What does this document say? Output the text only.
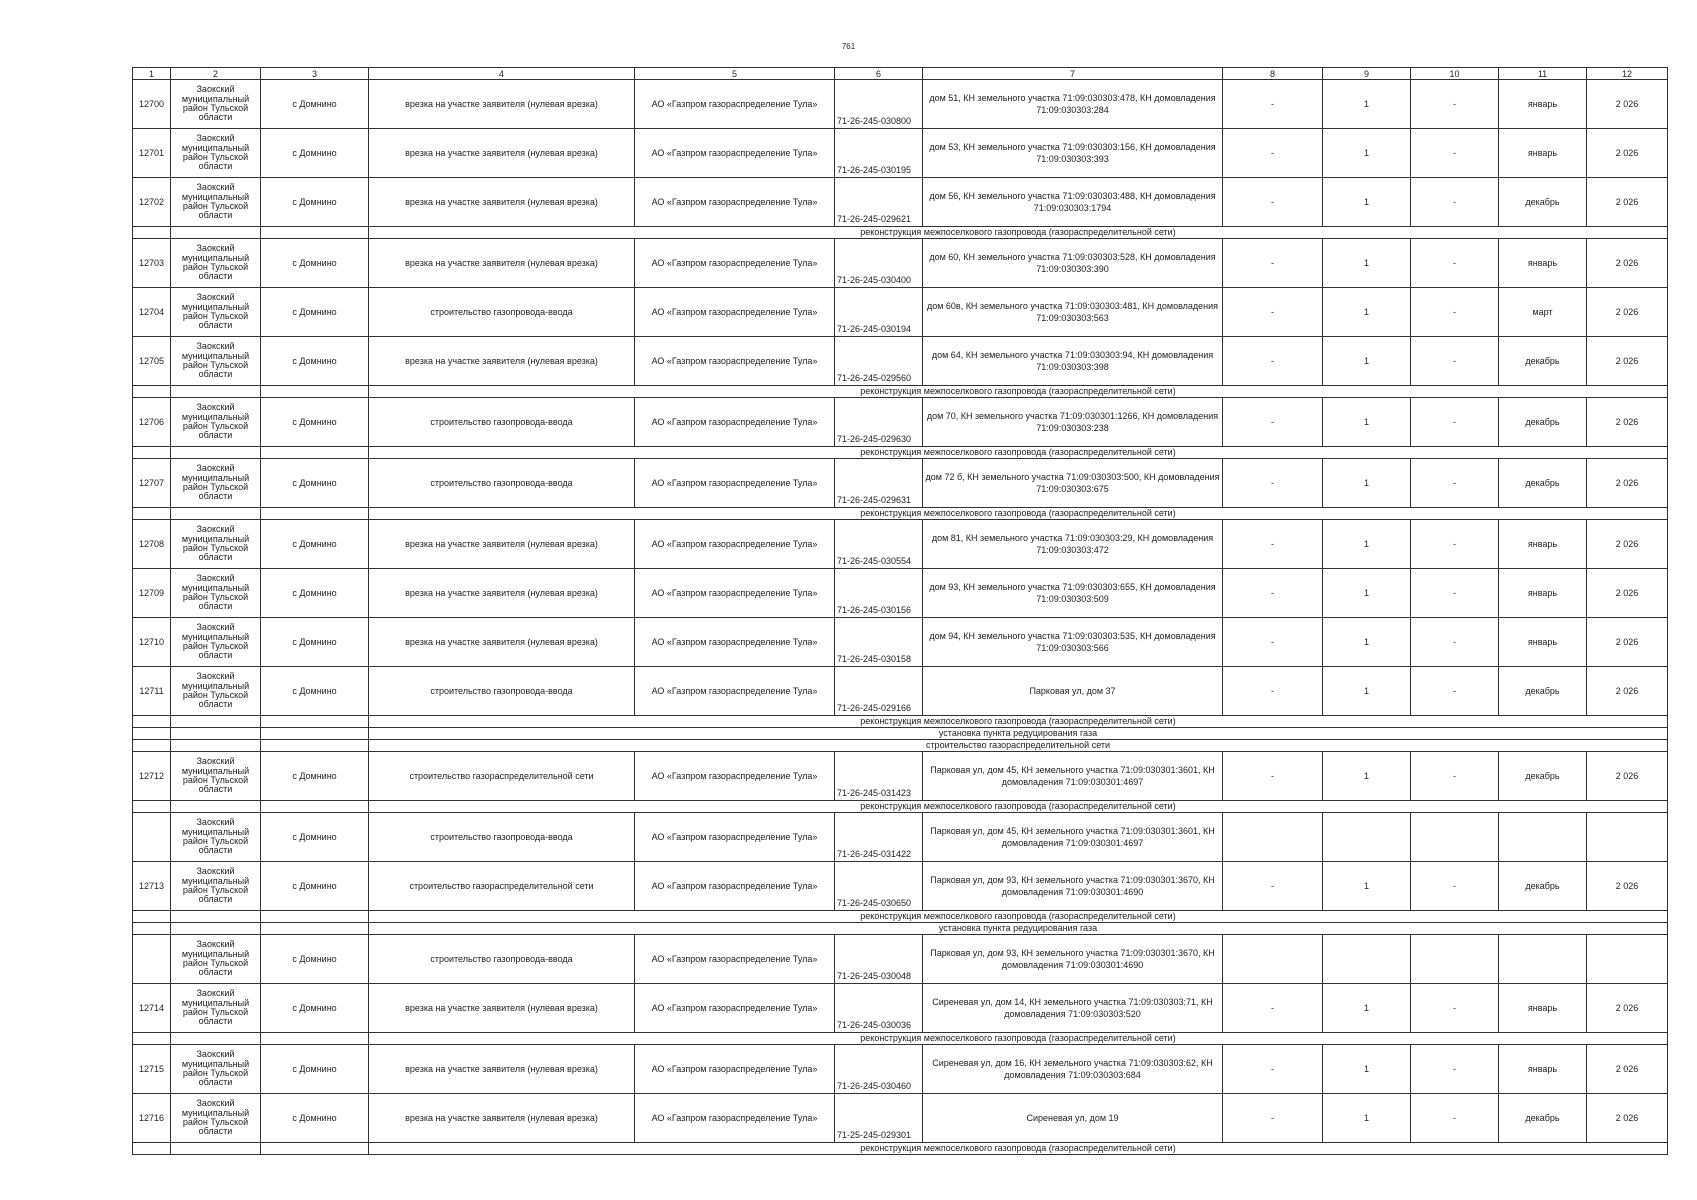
761
1	2	3	4	5	6	7	8	9	10	11	12
12700	Заокский муниципальный район Тульской области	с Домнино	врезка на участке заявителя (нулевая врезка)	АО «Газпром газораспределение Тула»	71-26-245-030800	дом 51, КН земельного участка 71:09:030303:478, КН домовладения 71:09:030303:284	-	1	-	январь	2 026
12701	Заокский муниципальный район Тульской области	с Домнино	врезка на участке заявителя (нулевая врезка)	АО «Газпром газораспределение Тула»	71-26-245-030195	дом 53, КН земельного участка 71:09:030303:156, КН домовладения 71:09:030303:393	-	1	-	январь	2 026
12702	Заокский муниципальный район Тульской области	с Домнино	врезка на участке заявителя (нулевая врезка)	АО «Газпром газораспределение Тула»	71-26-245-029621	дом 56, КН земельного участка 71:09:030303:488, КН домовладения 71:09:030303:1794	-	1	-	декабрь	2 026
			реконструкция межпоселкового газопровода (газораспределительной сети)								
12703	Заокский муниципальный район Тульской области	с Домнино	врезка на участке заявителя (нулевая врезка)	АО «Газпром газораспределение Тула»	71-26-245-030400	дом 60, КН земельного участка 71:09:030303:528, КН домовладения 71:09:030303:390	-	1	-	январь	2 026
12704	Заокский муниципальный район Тульской области	с Домнино	строительство газопровода-ввода	АО «Газпром газораспределение Тула»	71-26-245-030194	дом 60в, КН земельного участка 71:09:030303:481, КН домовладения 71:09:030303:563	-	1	-	март	2 026
12705	Заокский муниципальный район Тульской области	с Домнино	врезка на участке заявителя (нулевая врезка)	АО «Газпром газораспределение Тула»	71-26-245-029560	дом 64, КН земельного участка 71:09:030303:94, КН домовладения 71:09:030303:398	-	1	-	декабрь	2 026
			реконструкция межпоселкового газопровода (газораспределительной сети)								
12706	Заокский муниципальный район Тульской области	с Домнино	строительство газопровода-ввода	АО «Газпром газораспределение Тула»	71-26-245-029630	дом 70, КН земельного участка 71:09:030301:1266, КН домовладения 71:09:030303:238	-	1	-	декабрь	2 026
			реконструкция межпоселкового газопровода (газораспределительной сети)								
12707	Заокский муниципальный район Тульской области	с Домнино	строительство газопровода-ввода	АО «Газпром газораспределение Тула»	71-26-245-029631	дом 72 б, КН земельного участка 71:09:030303:500, КН домовладения 71:09:030303:675	-	1	-	декабрь	2 026
			реконструкция межпоселкового газопровода (газораспределительной сети)								
12708	Заокский муниципальный район Тульской области	с Домнино	врезка на участке заявителя (нулевая врезка)	АО «Газпром газораспределение Тула»	71-26-245-030554	дом 81, КН земельного участка 71:09:030303:29, КН домовладения 71:09:030303:472	-	1	-	январь	2 026
12709	Заокский муниципальный район Тульской области	с Домнино	врезка на участке заявителя (нулевая врезка)	АО «Газпром газораспределение Тула»	71-26-245-030156	дом 93, КН земельного участка 71:09:030303:655, КН домовладения 71:09:030303:509	-	1	-	январь	2 026
12710	Заокский муниципальный район Тульской области	с Домнино	врезка на участке заявителя (нулевая врезка)	АО «Газпром газораспределение Тула»	71-26-245-030158	дом 94, КН земельного участка 71:09:030303:535, КН домовладения 71:09:030303:566	-	1	-	январь	2 026
12711	Заокский муниципальный район Тульской области	с Домнино	строительство газопровода-ввода	АО «Газпром газораспределение Тула»	71-26-245-029166	Парковая ул, дом 37	-	1	-	декабрь	2 026
			реконструкция межпоселкового газопровода (газораспределительной сети)								
			установка пункта редуцирования газа								
			строительство газораспределительной сети								
12712	Заокский муниципальный район Тульской области	с Домнино	строительство газораспределительной сети	АО «Газпром газораспределение Тула»	71-26-245-031423	Парковая ул, дом 45, КН земельного участка 71:09:030301:3601, КН домовладения 71:09:030301:4697	-	1	-	декабрь	2 026
			реконструкция межпоселкового газопровода (газораспределительной сети)								
	Заокский муниципальный район Тульской области	с Домнино	строительство газопровода-ввода	АО «Газпром газораспределение Тула»	71-26-245-031422	Парковая ул, дом 45, КН земельного участка 71:09:030301:3601, КН домовладения 71:09:030301:4697					
12713	Заокский муниципальный район Тульской области	с Домнино	строительство газораспределительной сети	АО «Газпром газораспределение Тула»	71-26-245-030650	Парковая ул, дом 93, КН земельного участка 71:09:030301:3670, КН домовладения 71:09:030301:4690	-	1	-	декабрь	2 026
			реконструкция межпоселкового газопровода (газораспределительной сети)								
			установка пункта редуцирования газа								
	Заокский муниципальный район Тульской области	с Домнино	строительство газопровода-ввода	АО «Газпром газораспределение Тула»	71-26-245-030048	Парковая ул, дом 93, КН земельного участка 71:09:030301:3670, КН домовладения 71:09:030301:4690					
12714	Заокский муниципальный район Тульской области	с Домнино	врезка на участке заявителя (нулевая врезка)	АО «Газпром газораспределение Тула»	71-26-245-030036	Сиреневая ул, дом 14, КН земельного участка 71:09:030303:71, КН домовладения 71:09:030303:520	-	1	-	январь	2 026
			реконструкция межпоселкового газопровода (газораспределительной сети)								
12715	Заокский муниципальный район Тульской области	с Домнино	врезка на участке заявителя (нулевая врезка)	АО «Газпром газораспределение Тула»	71-26-245-030460	Сиреневая ул, дом 16, КН земельного участка 71:09:030303:62, КН домовладения 71:09:030303:684	-	1	-	январь	2 026
12716	Заокский муниципальный район Тульской области	с Домнино	врезка на участке заявителя (нулевая врезка)	АО «Газпром газораспределение Тула»	71-25-245-029301	Сиреневая ул, дом 19	-	1	-	декабрь	2 026
			реконструкция межпоселкового газопровода (газораспределительной сети)								
